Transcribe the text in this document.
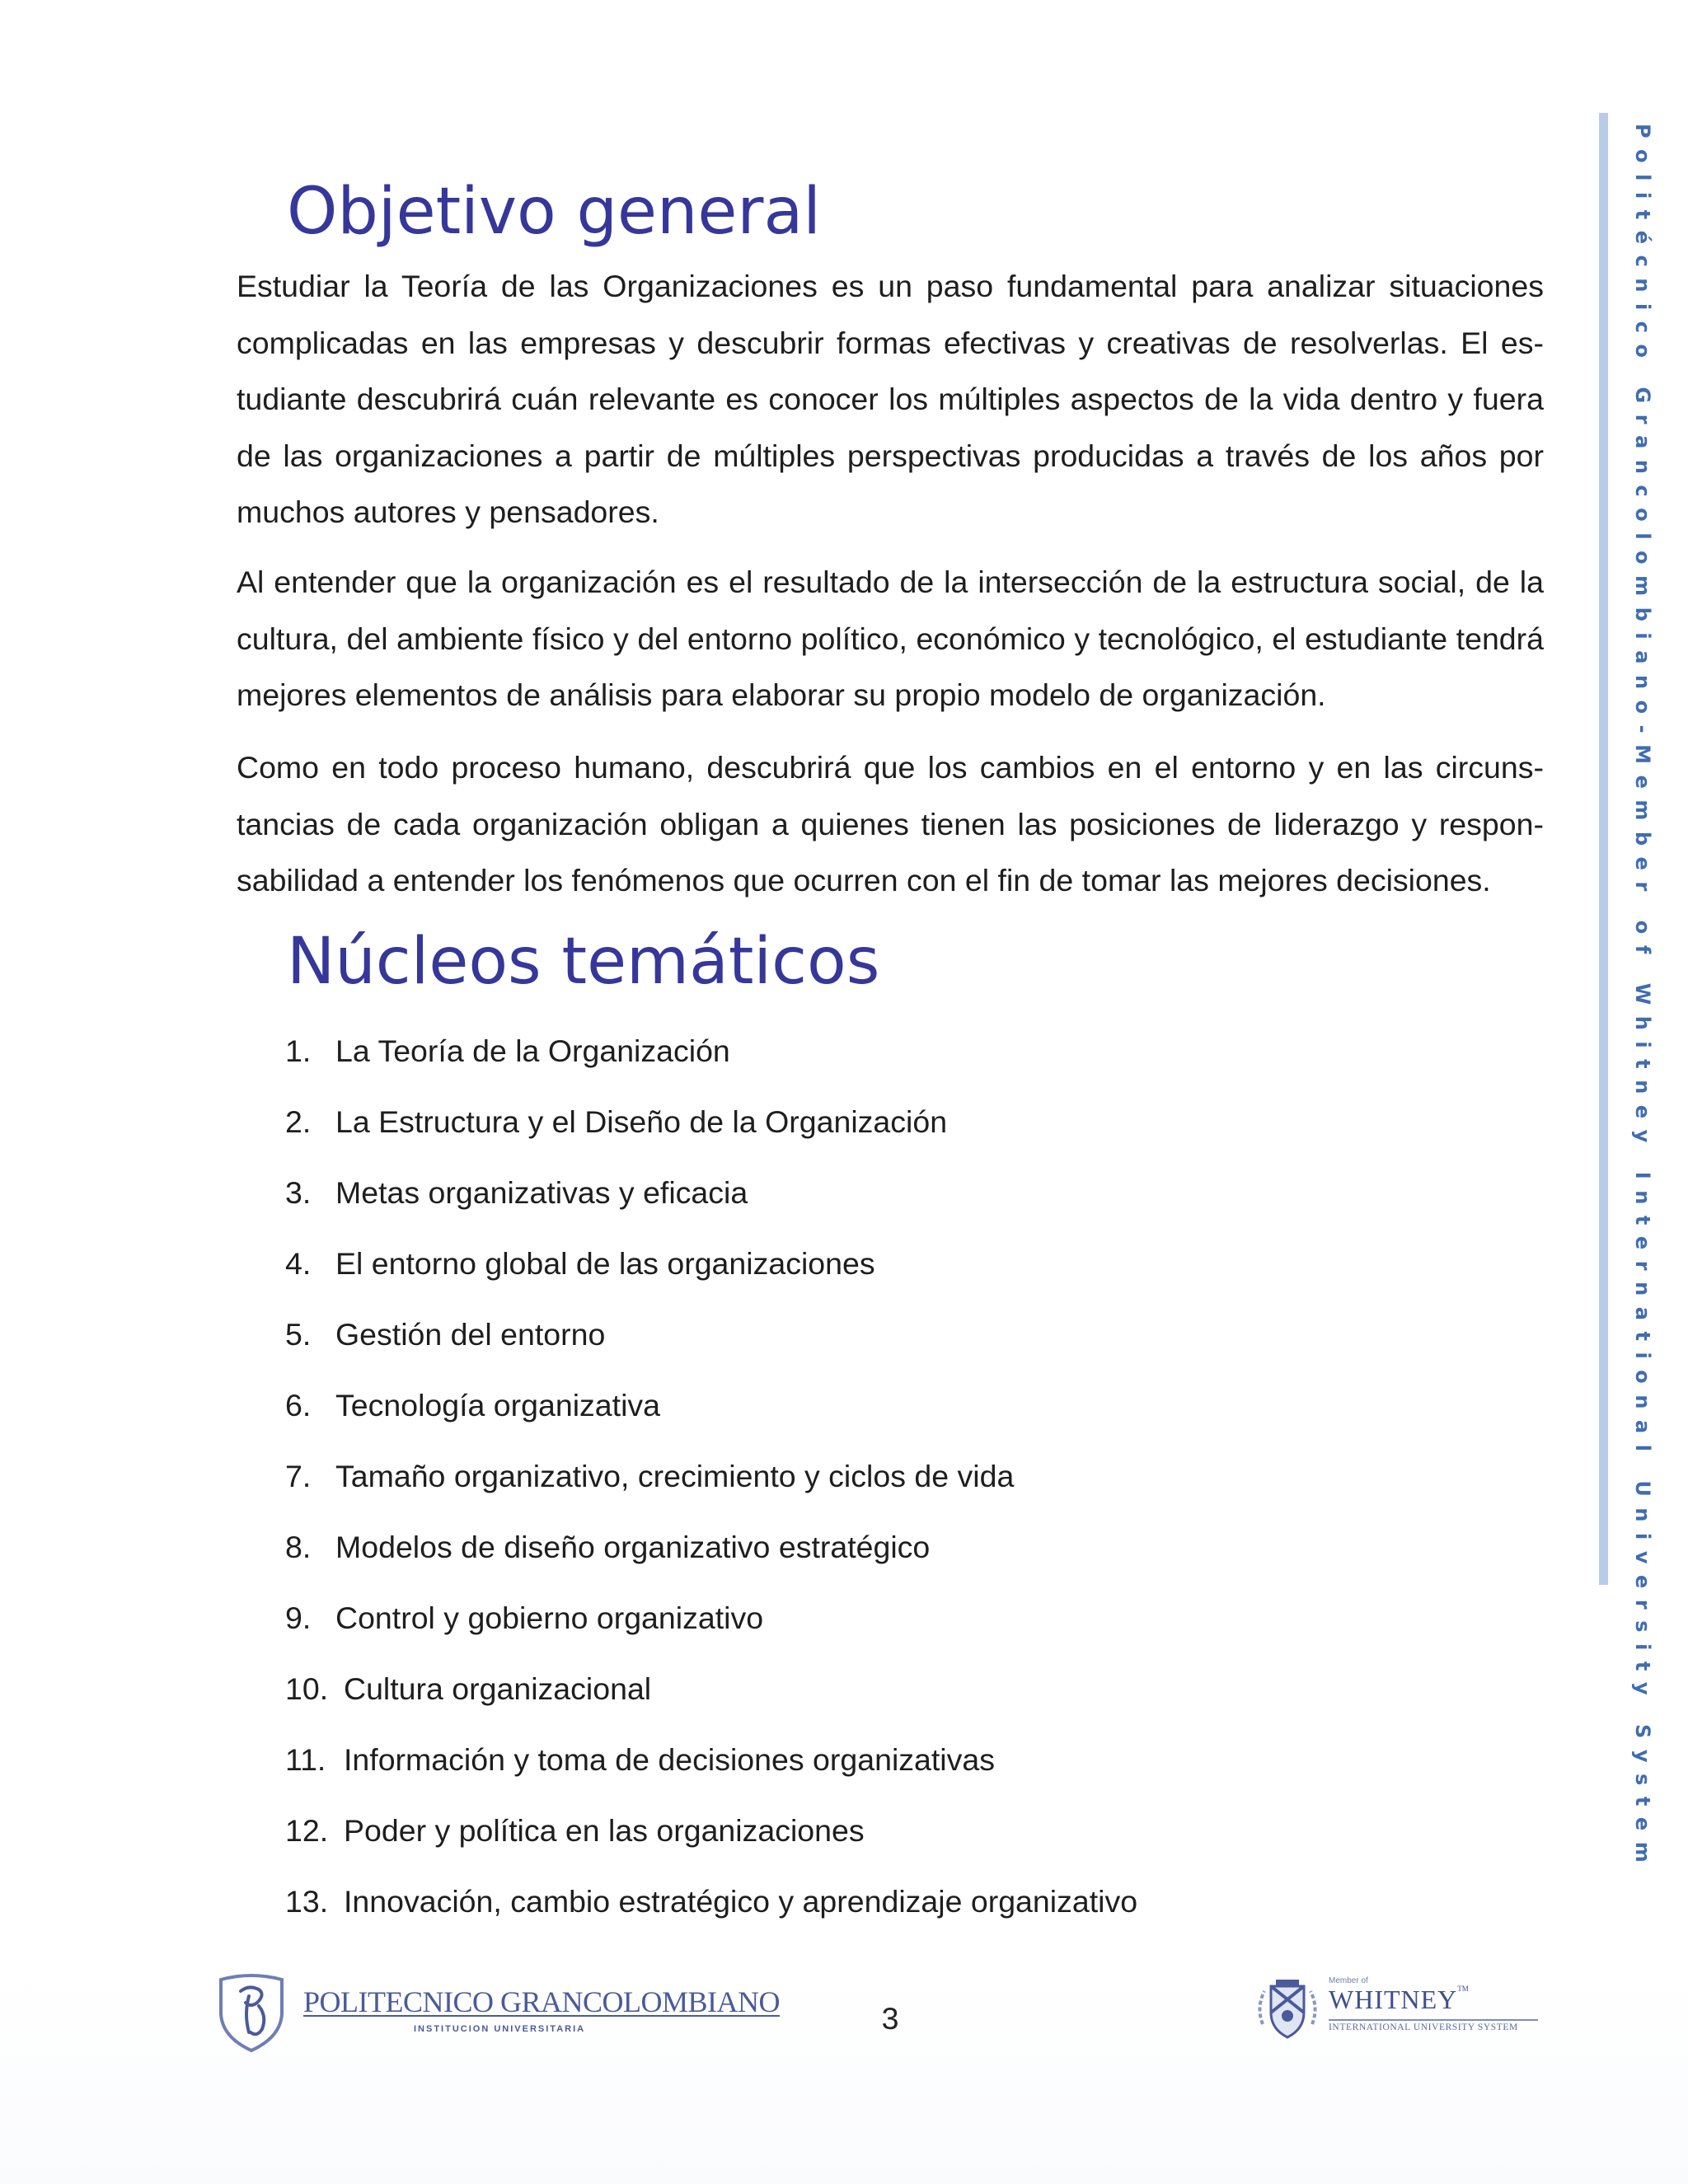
Objetivo general

Estudiar la Teoría de las Organizaciones es un paso fundamental para analizar situaciones complicadas en las empresas y descubrir formas efectivas y creativas de resolverlas. El estudiante descubrirá cuán relevante es conocer los múltiples aspectos de la vida dentro y fuera de las organizaciones a partir de múltiples perspectivas producidas a través de los años por muchos autores y pensadores.

Al entender que la organización es el resultado de la intersección de la estructura social, de la cultura, del ambiente físico y del entorno político, económico y tecnológico, el estudiante tendrá mejores elementos de análisis para elaborar su propio modelo de organización.

Como en todo proceso humano, descubrirá que los cambios en el entorno y en las circunstancias de cada organización obligan a quienes tienen las posiciones de liderazgo y responsabilidad a entender los fenómenos que ocurren con el fin de tomar las mejores decisiones.

Núcleos temáticos
1. La Teoría de la Organización
2. La Estructura y el Diseño de la Organización
3. Metas organizativas y eficacia
4. El entorno global de las organizaciones
5. Gestión del entorno
6. Tecnología organizativa
7. Tamaño organizativo, crecimiento y ciclos de vida
8. Modelos de diseño organizativo estratégico
9. Control y gobierno organizativo
10. Cultura organizacional
11. Información y toma de decisiones organizativas
12. Poder y política en las organizaciones
13. Innovación, cambio estratégico y aprendizaje organizativo
Politécnico Grancolombiano-Member of Whitney International University System
POLITECNICO GRANCOLOMBIANO
INSTITUCION UNIVERSITARIA	3
Member of
WHITNEY™
INTERNATIONAL UNIVERSITY SYSTEM
